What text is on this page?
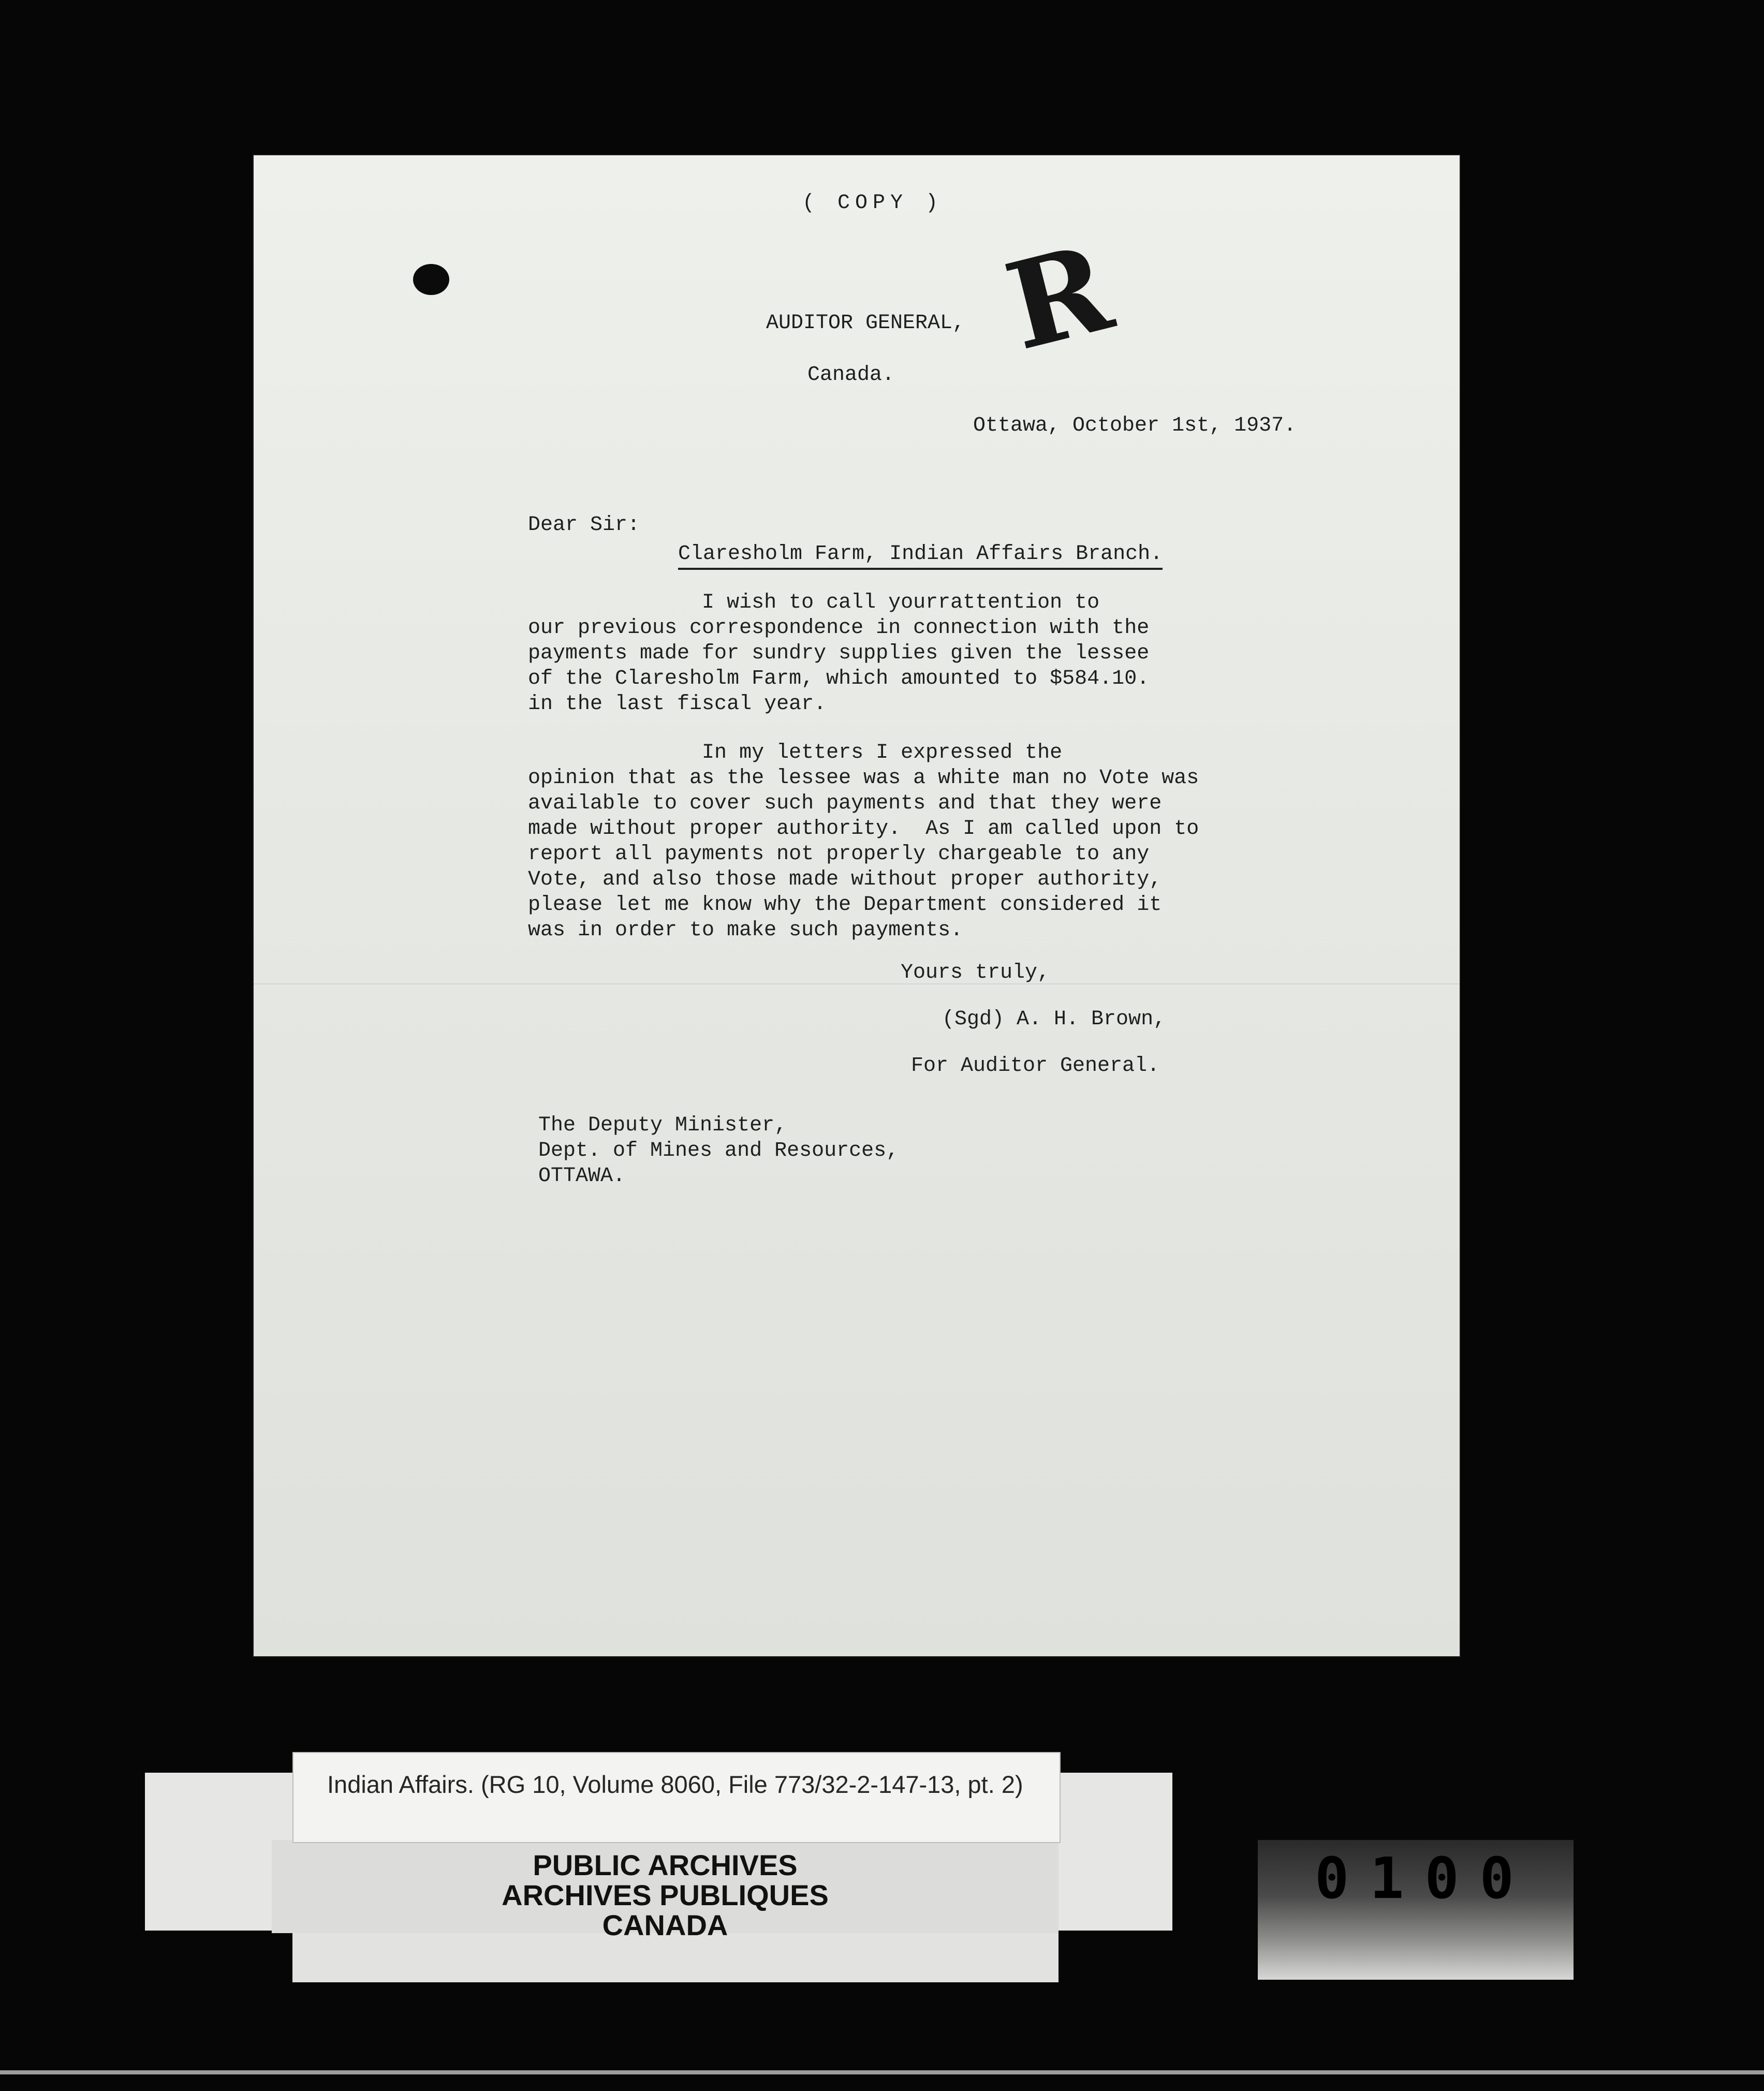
( COPY )
R
AUDITOR GENERAL,
Canada.
Ottawa, October 1st, 1937.
Dear Sir:
Claresholm Farm, Indian Affairs Branch.
I wish to call yourrattention to
our previous correspondence in connection with the
payments made for sundry supplies given the lessee
of the Claresholm Farm, which amounted to $584.10.
in the last fiscal year.
In my letters I expressed the
opinion that as the lessee was a white man no Vote was
available to cover such payments and that they were
made without proper authority.  As I am called upon to
report all payments not properly chargeable to any
Vote, and also those made without proper authority,
please let me know why the Department considered it
was in order to make such payments.
Yours truly,
(Sgd) A. H. Brown,
For Auditor General.
The Deputy Minister,
Dept. of Mines and Resources,
OTTAWA.
Indian Affairs. (RG 10, Volume 8060, File 773/32-2-147-13, pt. 2)
PUBLIC ARCHIVES
ARCHIVES PUBLIQUES
CANADA
0100
